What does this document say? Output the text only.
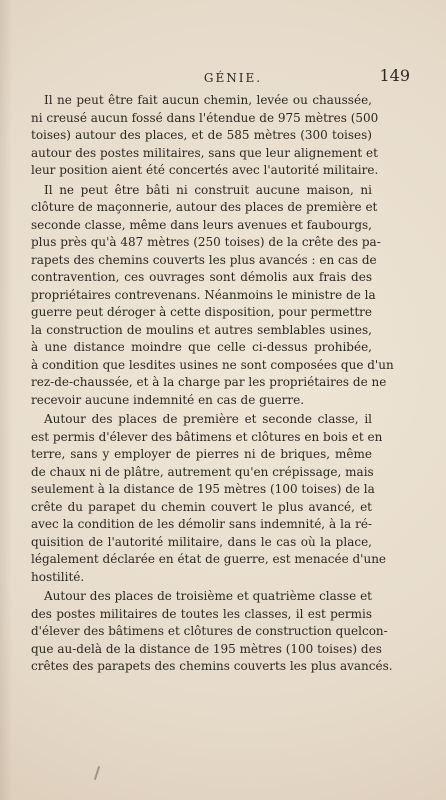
GÉNIE.	149
Il ne peut être fait aucun chemin, levée ou chaussée,
ni creusé aucun fossé dans l'étendue de 975 mètres (500
toises) autour des places, et de 585 mètres (300 toises)
autour des postes militaires, sans que leur alignement et
leur position aient été concertés avec l'autorité militaire.
Il ne peut être bâti ni construit aucune maison, ni
clôture de maçonnerie, autour des places de première et
seconde classe, même dans leurs avenues et faubourgs,
plus près qu'à 487 mètres (250 toises) de la crête des pa-
rapets des chemins couverts les plus avancés : en cas de
contravention, ces ouvrages sont démolis aux frais des
propriétaires contrevenans. Néanmoins le ministre de la
guerre peut déroger à cette disposition, pour permettre
la construction de moulins et autres semblables usines,
à une distance moindre que celle ci-dessus prohibée,
à condition que lesdites usines ne sont composées que d'un
rez-de-chaussée, et à la charge par les propriétaires de ne
recevoir aucune indemnité en cas de guerre.
Autour des places de première et seconde classe, il
est permis d'élever des bâtimens et clôtures en bois et en
terre, sans y employer de pierres ni de briques, même
de chaux ni de plâtre, autrement qu'en crépissage, mais
seulement à la distance de 195 mètres (100 toises) de la
crête du parapet du chemin couvert le plus avancé, et
avec la condition de les démolir sans indemnité, à la ré-
quisition de l'autorité militaire, dans le cas où la place,
légalement déclarée en état de guerre, est menacée d'une
hostilité.
Autour des places de troisième et quatrième classe et
des postes militaires de toutes les classes, il est permis
d'élever des bâtimens et clôtures de construction quelcon-
que au-delà de la distance de 195 mètres (100 toises) des
crêtes des parapets des chemins couverts les plus avancés.
